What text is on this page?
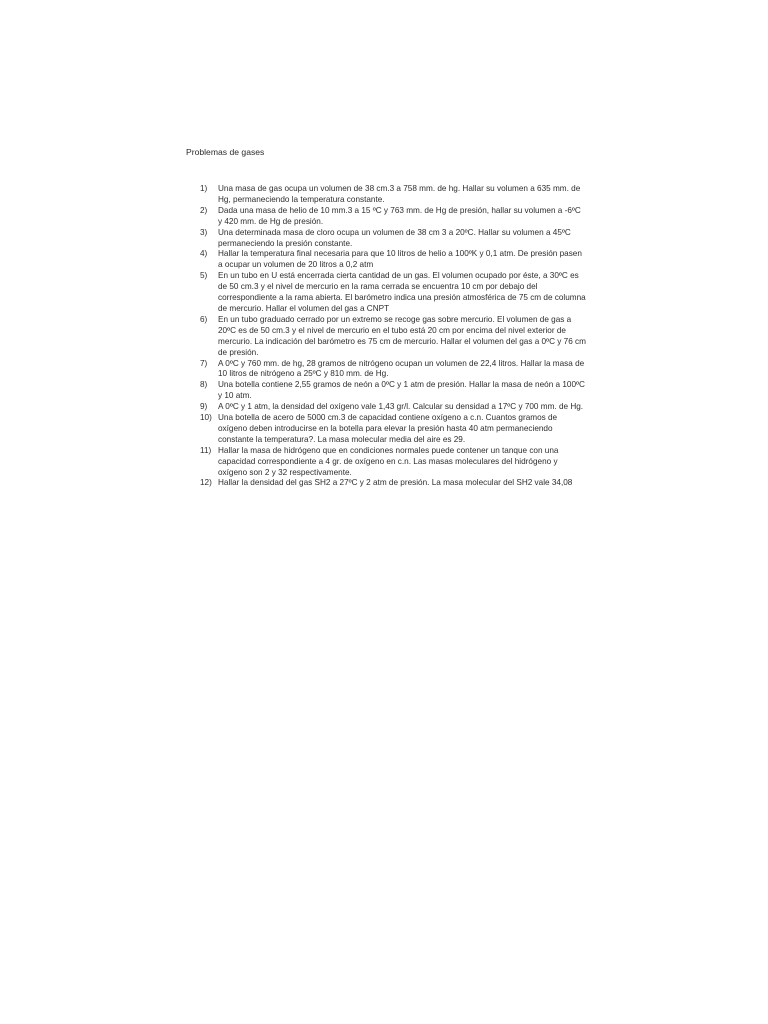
Problemas de gases
1)	Una masa de gas ocupa un volumen de 38 cm.3 a 758 mm. de hg. Hallar su volumen a 635 mm. de Hg, permaneciendo la temperatura constante.
2)	Dada una masa de helio de 10 mm.3 a 15 ºC y 763 mm. de Hg de presión, hallar su volumen a -6ºC y 420 mm. de Hg de presión.
3)	Una determinada masa de cloro ocupa un volumen de 38 cm 3 a 20ºC. Hallar su volumen a 45ºC permaneciendo la presión constante.
4)	Hallar la temperatura final necesaria para que 10 litros de helio a 100ºK y 0,1 atm. De presión pasen a ocupar un volumen de 20 litros a 0,2 atm
5)	En un tubo en U está encerrada cierta cantidad de un gas. El volumen ocupado por éste, a 30ºC es de 50 cm.3 y el nivel de mercurio en la rama cerrada se encuentra 10 cm por debajo del correspondiente a la rama abierta. El barómetro indica una presión atmosférica de 75 cm de columna de mercurio. Hallar el volumen del gas a CNPT
6)	En un tubo graduado cerrado por un extremo se recoge gas sobre mercurio. El volumen de gas a 20ºC es de 50 cm.3 y el nivel de mercurio en el tubo está 20 cm por encima del nivel exterior de mercurio. La indicación del barómetro es 75 cm de mercurio. Hallar el volumen del gas a 0ºC y 76 cm de presión.
7)	A 0ºC y 760 mm. de hg, 28 gramos de nitrógeno ocupan un volumen de 22,4 litros. Hallar la masa de 10 litros de nitrógeno a 25ºC y 810 mm. de Hg.
8)	Una botella contiene 2,55 gramos de neón a 0ºC y 1 atm de presión. Hallar la masa de neón a 100ºC y 10 atm.
9)	A 0ºC y 1 atm, la densidad del oxígeno vale 1,43 gr/l. Calcular su densidad a 17ºC y 700 mm. de Hg.
10) Una botella de acero de 5000 cm.3 de capacidad contiene oxígeno a c.n. Cuantos gramos de oxígeno deben introducirse en la botella para elevar la presión hasta 40 atm permaneciendo constante la temperatura?. La masa molecular media del aire es 29.
11) Hallar la masa de hidrógeno que en condiciones normales puede contener un tanque con una capacidad correspondiente a 4 gr. de oxígeno en c.n. Las masas moleculares del hidrógeno y oxígeno son 2 y 32 respectivamente.
12) Hallar la densidad del gas SH2 a 27ºC y 2 atm de presión. La masa molecular del SH2 vale 34,08
